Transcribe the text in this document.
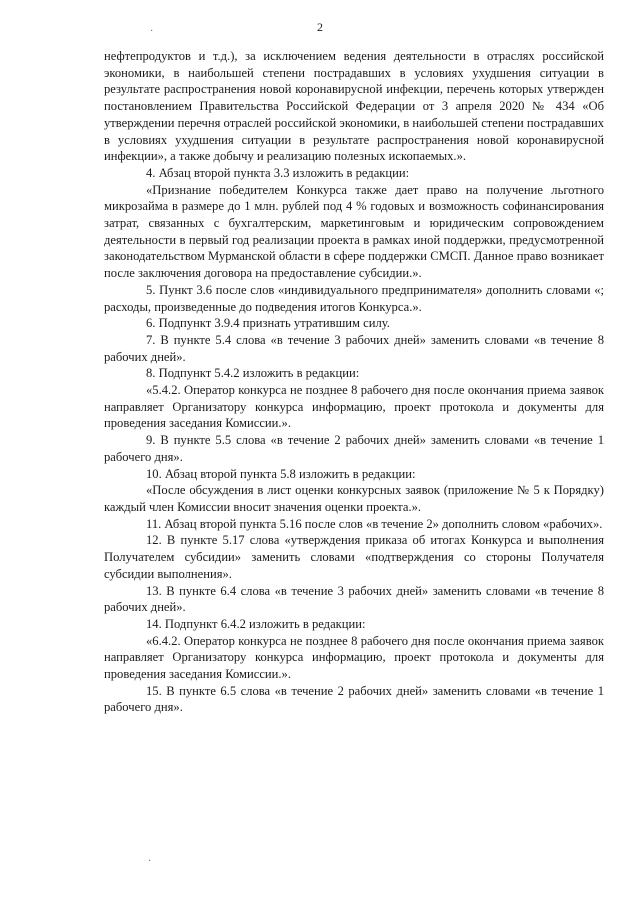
2
·
·

нефтепродуктов и т.д.), за исключением ведения деятельности в отраслях российской экономики, в наибольшей степени пострадавших в условиях ухудшения ситуации в результате распространения новой коронавирусной инфекции, перечень которых утвержден постановлением Правительства Российской Федерации от 3 апреля 2020 № 434 «Об утверждении перечня отраслей российской экономики, в наибольшей степени пострадавших в условиях ухудшения ситуации в результате распространения новой коронавирусной инфекции», а также добычу и реализацию полезных ископаемых.».

4. Абзац второй пункта 3.3 изложить в редакции:

«Признание победителем Конкурса также дает право на получение льготного микрозайма в размере до 1 млн. рублей под 4 % годовых и возможность софинансирования затрат, связанных с бухгалтерским, маркетинговым и юридическим сопровождением деятельности в первый год реализации проекта в рамках иной поддержки, предусмотренной законодательством Мурманской области в сфере поддержки СМСП. Данное право возникает после заключения договора на предоставление субсидии.».

5. Пункт 3.6 после слов «индивидуального предпринимателя» дополнить словами «; расходы, произведенные до подведения итогов Конкурса.».

6. Подпункт 3.9.4 признать утратившим силу.

7. В пункте 5.4 слова «в течение 3 рабочих дней» заменить словами «в течение 8 рабочих дней».

8. Подпункт 5.4.2 изложить в редакции:

«5.4.2. Оператор конкурса не позднее 8 рабочего дня после окончания приема заявок направляет Организатору конкурса информацию, проект протокола и документы для проведения заседания Комиссии.».

9. В пункте 5.5 слова «в течение 2 рабочих дней» заменить словами «в течение 1 рабочего дня».

10. Абзац второй пункта 5.8 изложить в редакции:

«После обсуждения в лист оценки конкурсных заявок (приложение № 5 к Порядку) каждый член Комиссии вносит значения оценки проекта.».

11. Абзац второй пункта 5.16 после слов «в течение 2» дополнить словом «рабочих».

12. В пункте 5.17 слова «утверждения приказа об итогах Конкурса и выполнения Получателем субсидии» заменить словами «подтверждения со стороны Получателя субсидии выполнения».

13. В пункте 6.4 слова «в течение 3 рабочих дней» заменить словами «в течение 8 рабочих дней».

14. Подпункт 6.4.2 изложить в редакции:

«6.4.2. Оператор конкурса не позднее 8 рабочего дня после окончания приема заявок направляет Организатору конкурса информацию, проект протокола и документы для проведения заседания Комиссии.».

15. В пункте 6.5 слова «в течение 2 рабочих дней» заменить словами «в течение 1 рабочего дня».
